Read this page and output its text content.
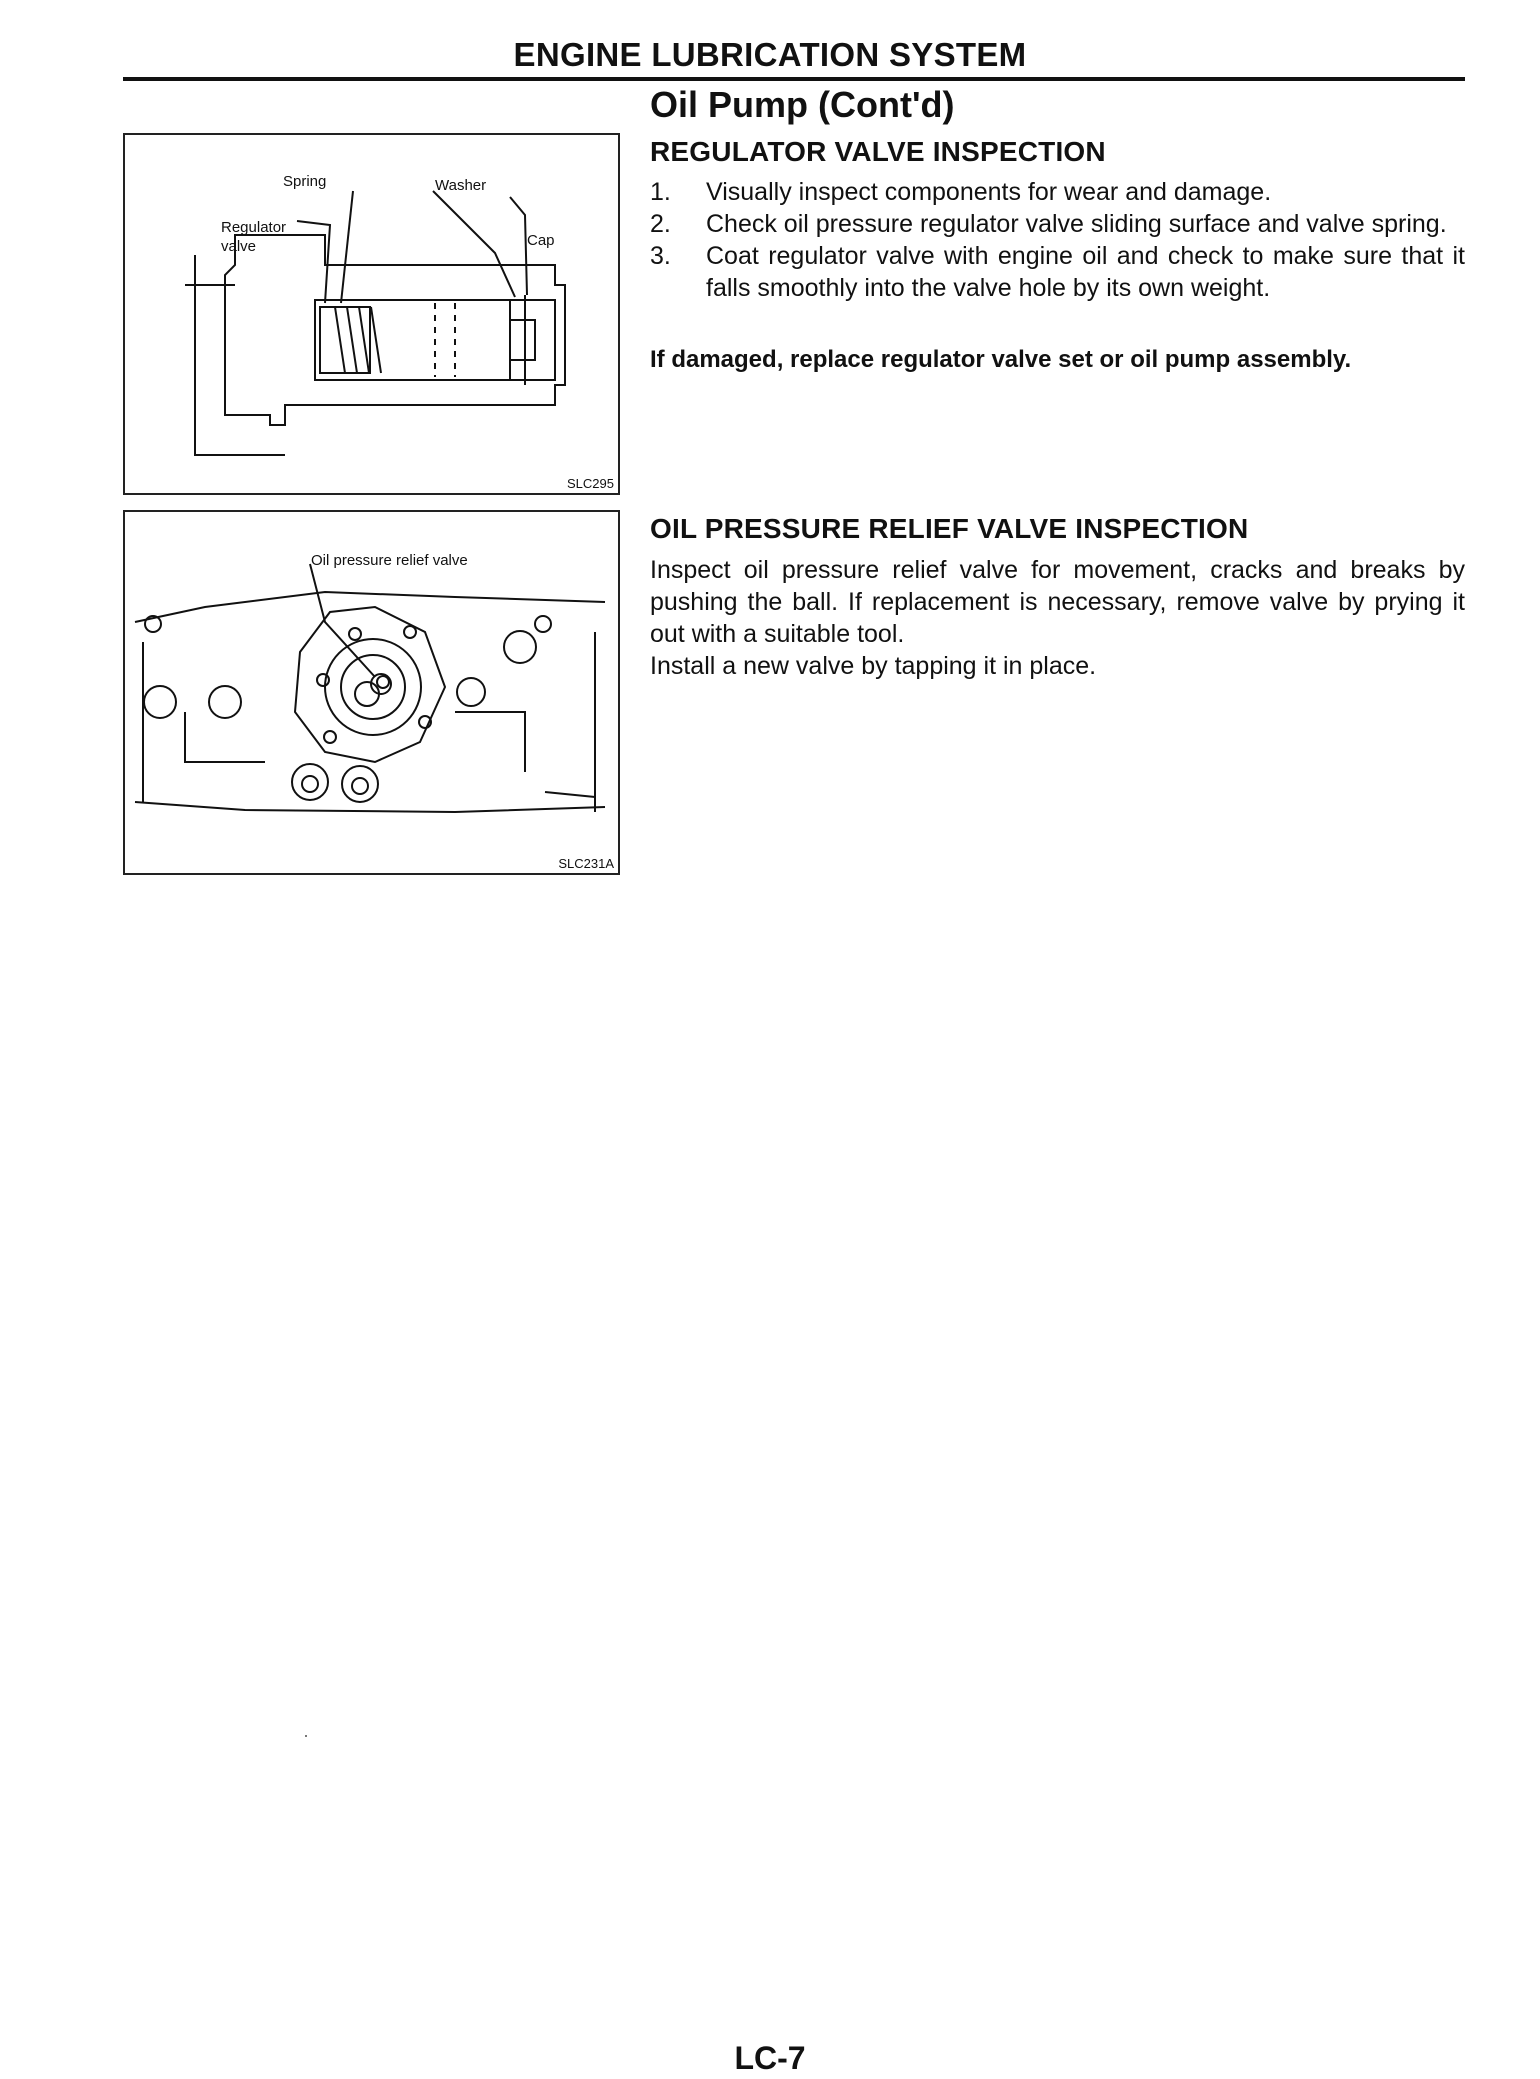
ENGINE LUBRICATION SYSTEM
Oil Pump (Cont'd)
Spring	Washer
Regulator
valve	Cap
SLC295
Oil pressure relief valve
SLC231A
REGULATOR VALVE INSPECTION
1. Visually inspect components for wear and damage.
2. Check oil pressure regulator valve sliding surface and valve spring.
3. Coat regulator valve with engine oil and check to make sure that it falls smoothly into the valve hole by its own weight.
If damaged, replace regulator valve set or oil pump assembly.
OIL PRESSURE RELIEF VALVE INSPECTION
Inspect oil pressure relief valve for movement, cracks and breaks by pushing the ball. If replacement is necessary, remove valve by prying it out with a suitable tool.
Install a new valve by tapping it in place.
LC-7
